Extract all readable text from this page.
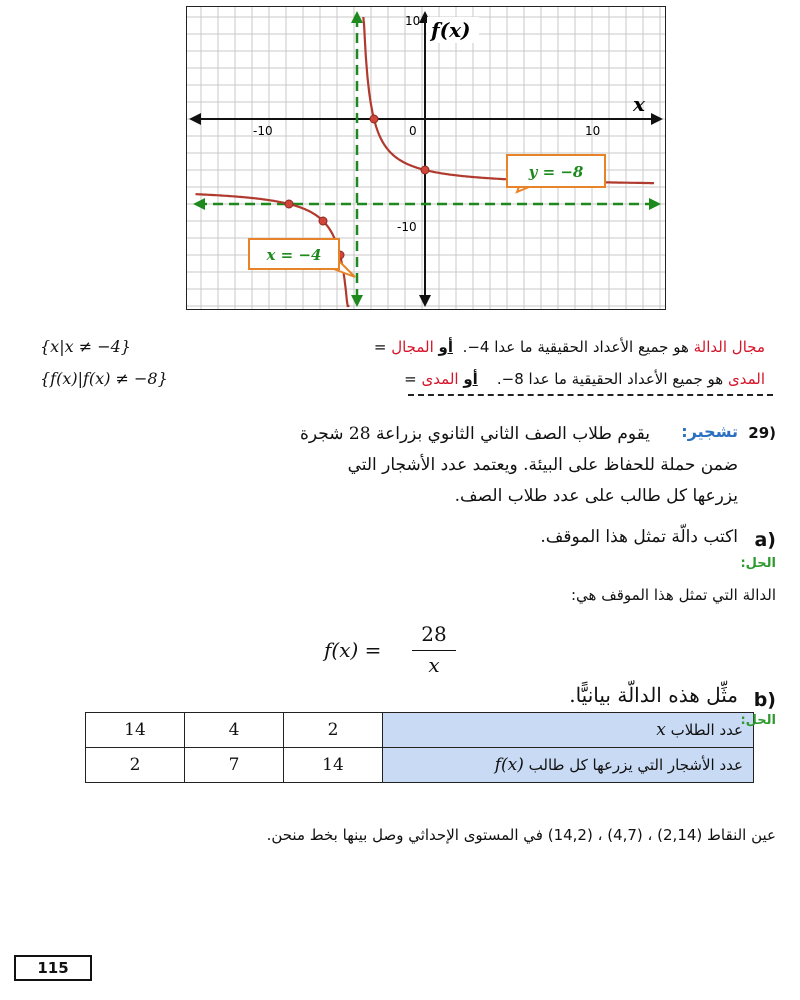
-10	0	10
10
-10
f(x)
x
y = −8
x = −4
{x|x ≠ −4}	مجال الدالة هو جميع الأعداد الحقيقية ما عدا 4−.  أو المجال =
{f(x)|f(x) ≠ −8}	المدى هو جميع الأعداد الحقيقية ما عدا 8−.    أو المدى =
29)
تشجير:
يقوم طلاب الصف الثاني الثانوي بزراعة 28 شجرة
ضمن حملة للحفاظ على البيئة. ويعتمد عدد الأشجار التي
يزرعها كل طالب على عدد طلاب الصف.
a)
اكتب دالّة تمثل هذا الموقف.
الحل:
الدالة التي تمثل هذا الموقف هي:
f(x) =
28
x
b)
مثِّل هذه الدالّة بيانيًّا.
14	4	2	عدد الطلاب x
2	7	14	عدد الأشجار التي يزرعها كل طالب f(x)
عين النقاط (2,14) ، (4,7) ، (14,2) في المستوى الإحداثي وصل بينها بخط منحن.
115
الحل:
